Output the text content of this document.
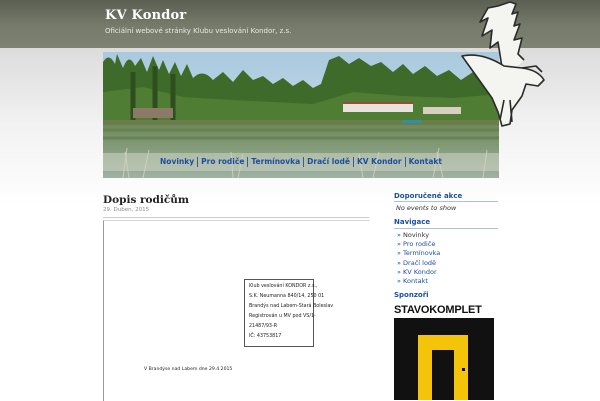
KV Kondor

Oficiální webové stránky Klubu veslování Kondor, z.s.

Novinky Pro rodiče Termínovka Dračí lodě KV Kondor Kontakt
Dopis rodičům
29. Duben, 2015
Klub veslování KONDOR z.s.,
S.K. Neumanna 840/14, 250 01
Brandýs nad Labem-Stará Boleslav
Registrován u MV pod VS/1-
21487/93-R
IČ: 43753817
V Brandýse nad Labem dne 29.4.2015
Doporučené akce
No events to show
Navigace
» Novinky
» Pro rodiče
» Termínovka
» Dračí lodě
» KV Kondor
» Kontakt
Sponzoři
STAVOKOMPLET
